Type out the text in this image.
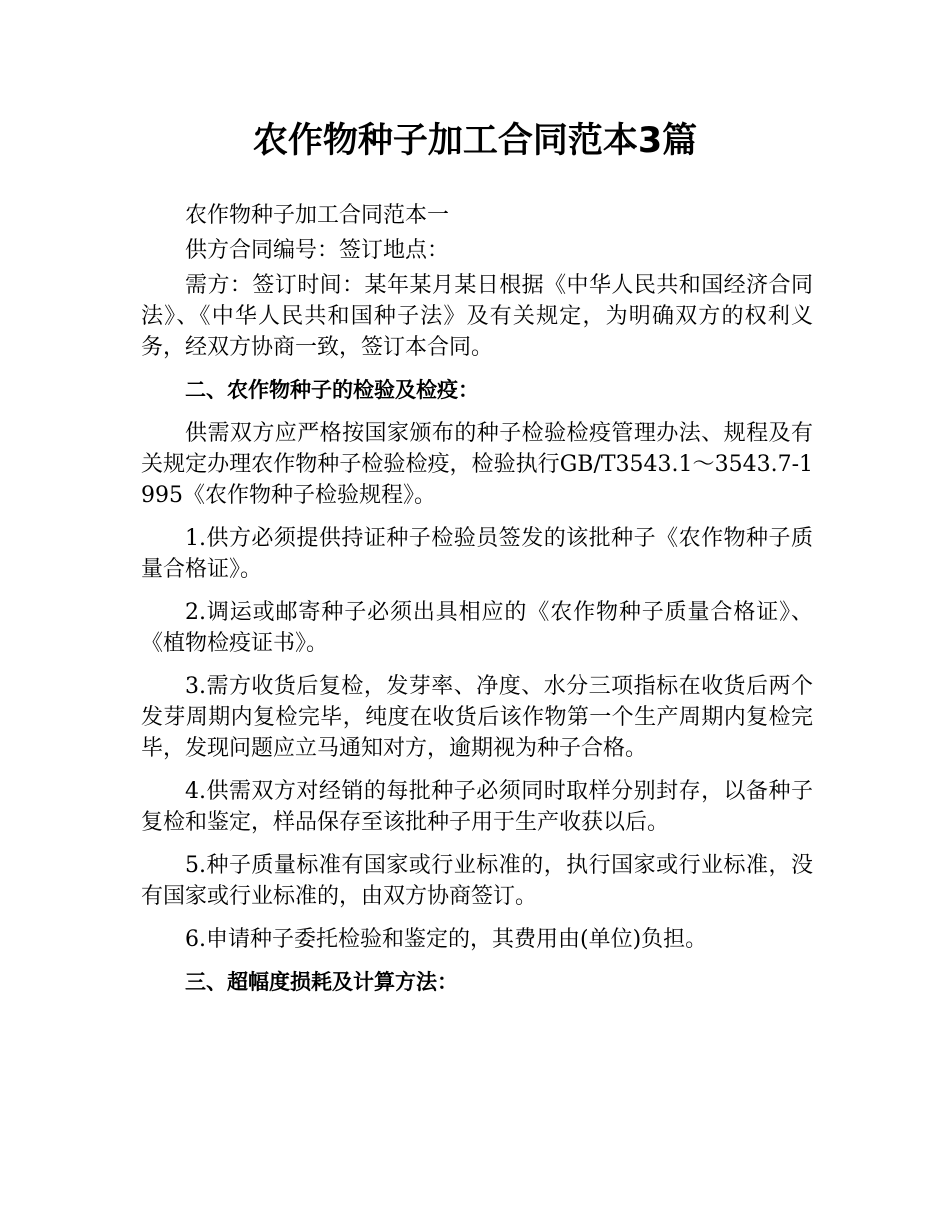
农作物种子加工合同范本3篇

农作物种子加工合同范本一

供方合同编号：签订地点：

需方：签订时间：某年某月某日根据《中华人民共和国经济合同法》、《中华人民共和国种子法》及有关规定，为明确双方的权利义务，经双方协商一致，签订本合同。

二、农作物种子的检验及检疫：

供需双方应严格按国家颁布的种子检验检疫管理办法、规程及有关规定办理农作物种子检验检疫，检验执行GB/T3543.1～3543.7-1995《农作物种子检验规程》。

1.供方必须提供持证种子检验员签发的该批种子《农作物种子质量合格证》。

2.调运或邮寄种子必须出具相应的《农作物种子质量合格证》、《植物检疫证书》。

3.需方收货后复检，发芽率、净度、水分三项指标在收货后两个发芽周期内复检完毕，纯度在收货后该作物第一个生产周期内复检完毕，发现问题应立马通知对方，逾期视为种子合格。

4.供需双方对经销的每批种子必须同时取样分别封存，以备种子复检和鉴定，样品保存至该批种子用于生产收获以后。

5.种子质量标准有国家或行业标准的，执行国家或行业标准，没有国家或行业标准的，由双方协商签订。

6.申请种子委托检验和鉴定的，其费用由(单位)负担。

三、超幅度损耗及计算方法：
